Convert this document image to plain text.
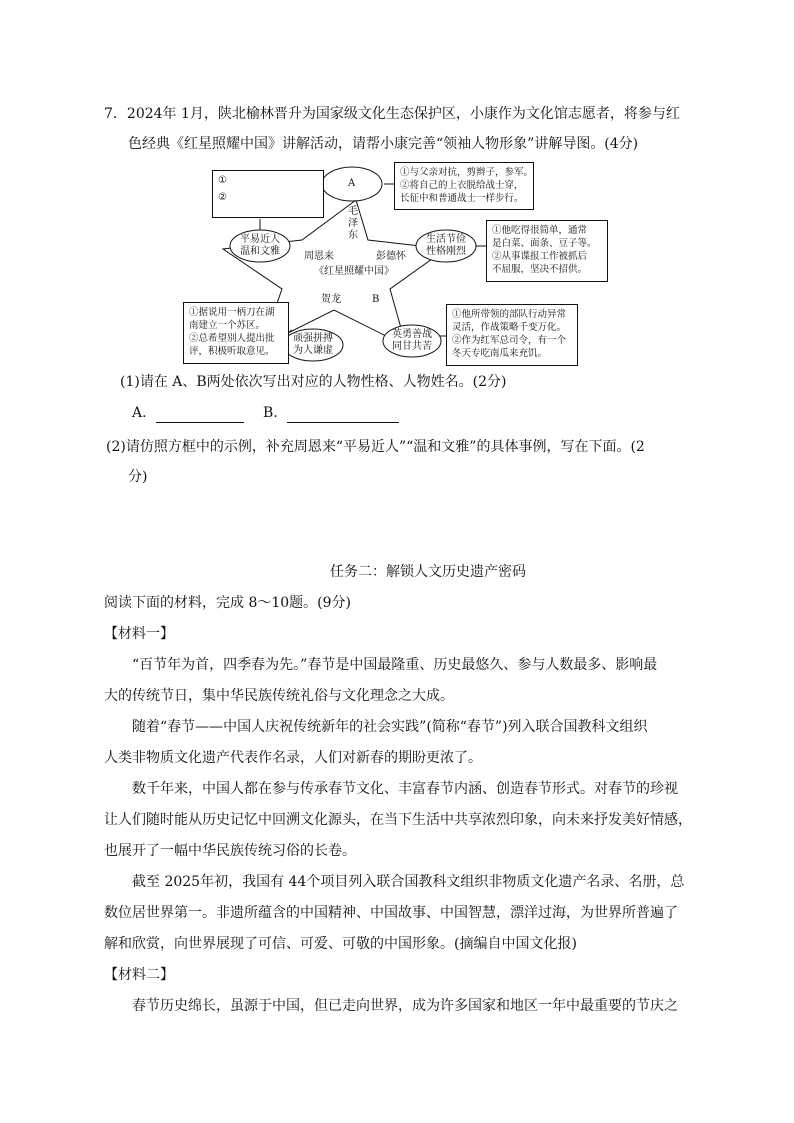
7．2024年 1月，陕北榆林晋升为国家级文化生态保护区，小康作为文化馆志愿者，将参与红
色经典《红星照耀中国》讲解活动，请帮小康完善“领袖人物形象”讲解导图。(4分)
A
平易近人
温和文雅
生活节俭
性格刚烈
顽强拼搏
为人谦虚
英勇善战
同甘共苦
毛
泽
东
周恩来	彭德怀
《红星照耀中国》
贺龙	B
①
②
①与父亲对抗，剪辫子，参军。
②将自己的上衣脱给战士穿，
长征中和普通战士一样步行。
①他吃得很简单，通常
是白菜、面条、豆子等。
②从事谍报工作被抓后
不屈服，坚决不招供。
①据说用一柄刀在湖
南建立一个苏区。
②总希望别人提出批
评，积极听取意见。
①他所带领的部队行动异常
灵活，作战策略千变万化。
②作为红军总司令，有一个
冬天专吃南瓜来充饥。
(1)请在 A、B两处依次写出对应的人物性格、人物姓名。(2分)
A．	B．
(2)请仿照方框中的示例，补充周恩来“平易近人”“温和文雅”的具体事例，写在下面。(2
分)
任务二：解锁人文历史遗产密码
阅读下面的材料，完成 8～10题。(9分)
【材料一】
“百节年为首，四季春为先。”春节是中国最隆重、历史最悠久、参与人数最多、影响最
大的传统节日，集中华民族传统礼俗与文化理念之大成。
随着“春节——中国人庆祝传统新年的社会实践”(简称“春节”)列入联合国教科文组织
人类非物质文化遗产代表作名录，人们对新春的期盼更浓了。
数千年来，中国人都在参与传承春节文化、丰富春节内涵、创造春节形式。对春节的珍视
让人们随时能从历史记忆中回溯文化源头，在当下生活中共享浓烈印象，向未来抒发美好情感，
也展开了一幅中华民族传统习俗的长卷。
截至 2025年初，我国有 44个项目列入联合国教科文组织非物质文化遗产名录、名册，总
数位居世界第一。非遗所蕴含的中国精神、中国故事、中国智慧，漂洋过海，为世界所普遍了
解和欣赏，向世界展现了可信、可爱、可敬的中国形象。(摘编自中国文化报)
【材料二】
春节历史绵长，虽源于中国，但已走向世界，成为许多国家和地区一年中最重要的节庆之
